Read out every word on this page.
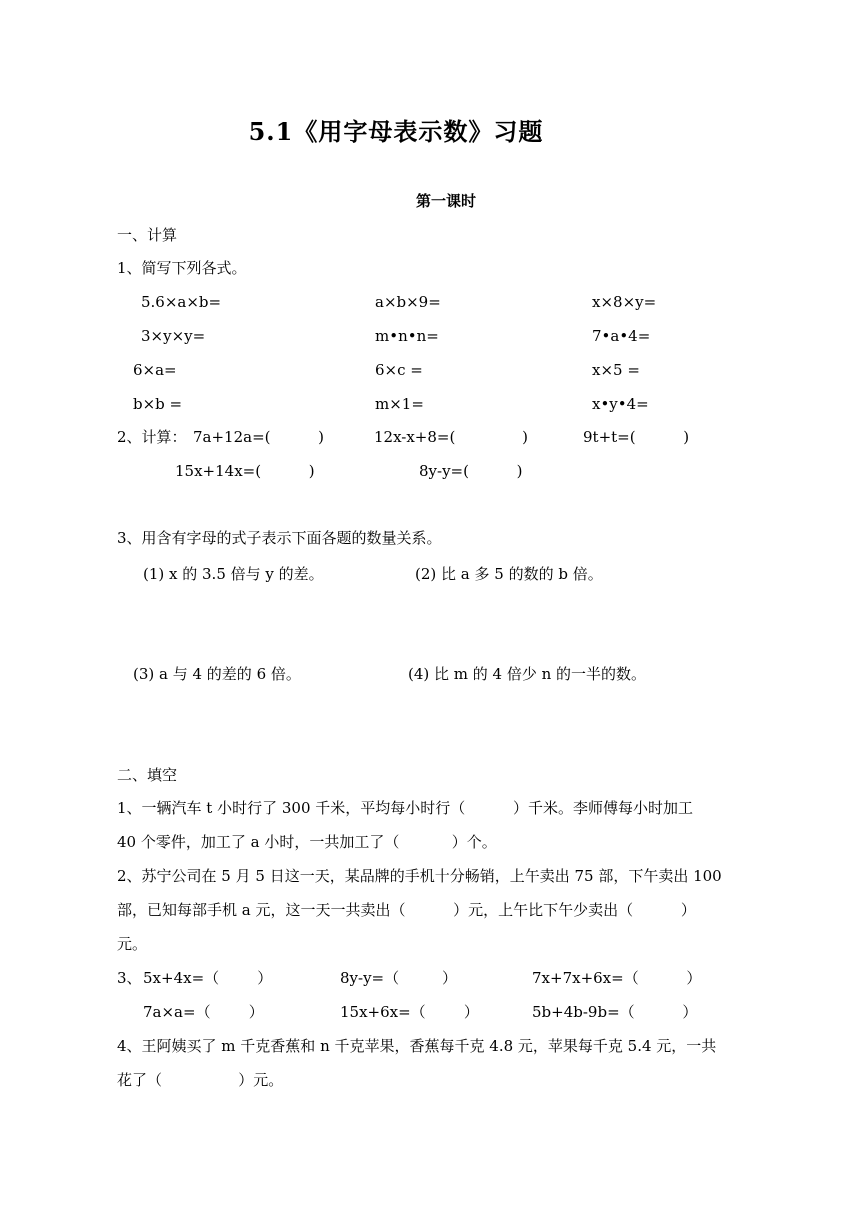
5.1《用字母表示数》习题
第一课时
一、计算
1、简写下列各式。
5.6×a×b=	a×b×9=	x×8×y=
3×y×y=	m•n•n=	7•a•4=
6×a=	6×c =	x×5 =
b×b =	m×1=	x•y•4=
2、计算： 7a+12a=(          )	12x-x+8=(              )	9t+t=(          )
15x+14x=(          )	8y-y=(          )
3、用含有字母的式子表示下面各题的数量关系。
(1) x 的 3.5 倍与 y 的差。	(2) 比 a 多 5 的数的 b 倍。
(3) a 与 4 的差的 6 倍。	(4) 比 m 的 4 倍少 n 的一半的数。
二、填空
1、一辆汽车 t 小时行了 300 千米，平均每小时行（          ）千米。李师傅每小时加工
40 个零件，加工了 a 小时，一共加工了（           ）个。
2、苏宁公司在 5 月 5 日这一天，某品牌的手机十分畅销，上午卖出 75 部，下午卖出 100
部，已知每部手机 a 元，这一天一共卖出（          ）元，上午比下午少卖出（          ）
元。
3、 5x+4x=（        ）	8y-y=（         ）	7x+7x+6x=（          ）
7a×a=（        ）	15x+6x=（        ）	5b+4b-9b=（          ）
4、王阿姨买了 m 千克香蕉和 n 千克苹果，香蕉每千克 4.8 元，苹果每千克 5.4 元，一共
花了（                ）元。
